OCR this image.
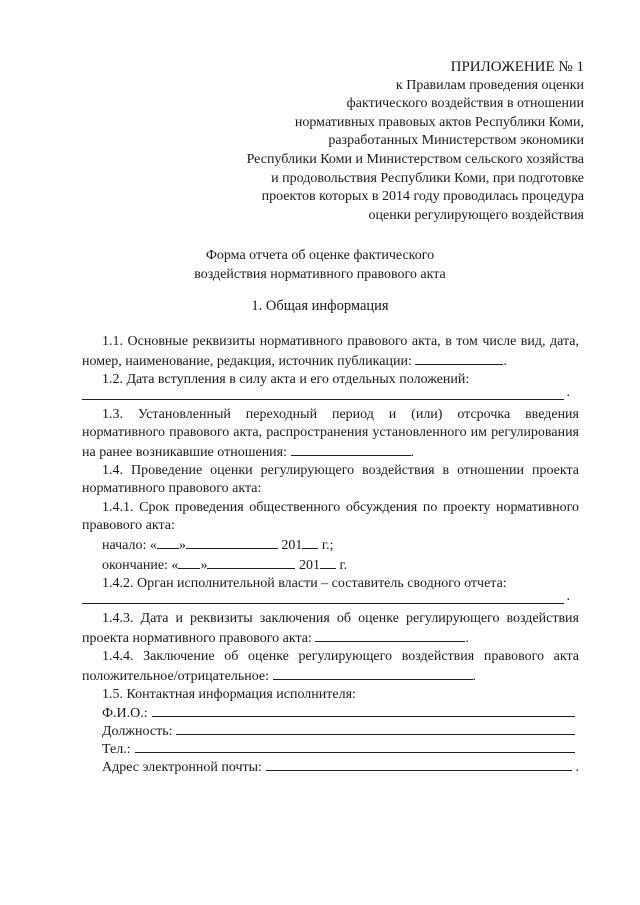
ПРИЛОЖЕНИЕ № 1
к Правилам проведения оценки
фактического воздействия в отношении
нормативных правовых актов Республики Коми,
разработанных Министерством экономики
Республики Коми и Министерством сельского хозяйства
и продовольствия Республики Коми, при подготовке
проектов которых в 2014 году проводилась процедура
оценки регулирующего воздействия
Форма отчета об оценке фактического
воздействия нормативного правового акта
1. Общая информация

1.1. Основные реквизиты нормативного правового акта, в том числе вид, дата, номер, наименование, редакция, источник публикации:	.

1.2. Дата вступления в силу акта и его отдельных положений:

.

1.3. Установленный переходный период и (или) отсрочка введения нормативного правового акта, распространения установленного им регулирования на ранее возникавшие отношения:	.

1.4. Проведение оценки регулирующего воздействия в отношении проекта нормативного правового акта:

1.4.1. Срок проведения общественного обсуждения по проекту нормативного правового акта:

начало: « »	201 г.;
окончание: « »	201 г.

1.4.2. Орган исполнительной власти – составитель сводного отчета:

.

1.4.3. Дата и реквизиты заключения об оценке регулирующего воздействия проекта нормативного правового акта:	.

1.4.4. Заключение об оценке регулирующего воздействия правового акта положительное/отрицательное:	.

1.5. Контактная информация исполнителя:

Ф.И.О.:
Должность:
Тел.:
Адрес электронной почты:	.
